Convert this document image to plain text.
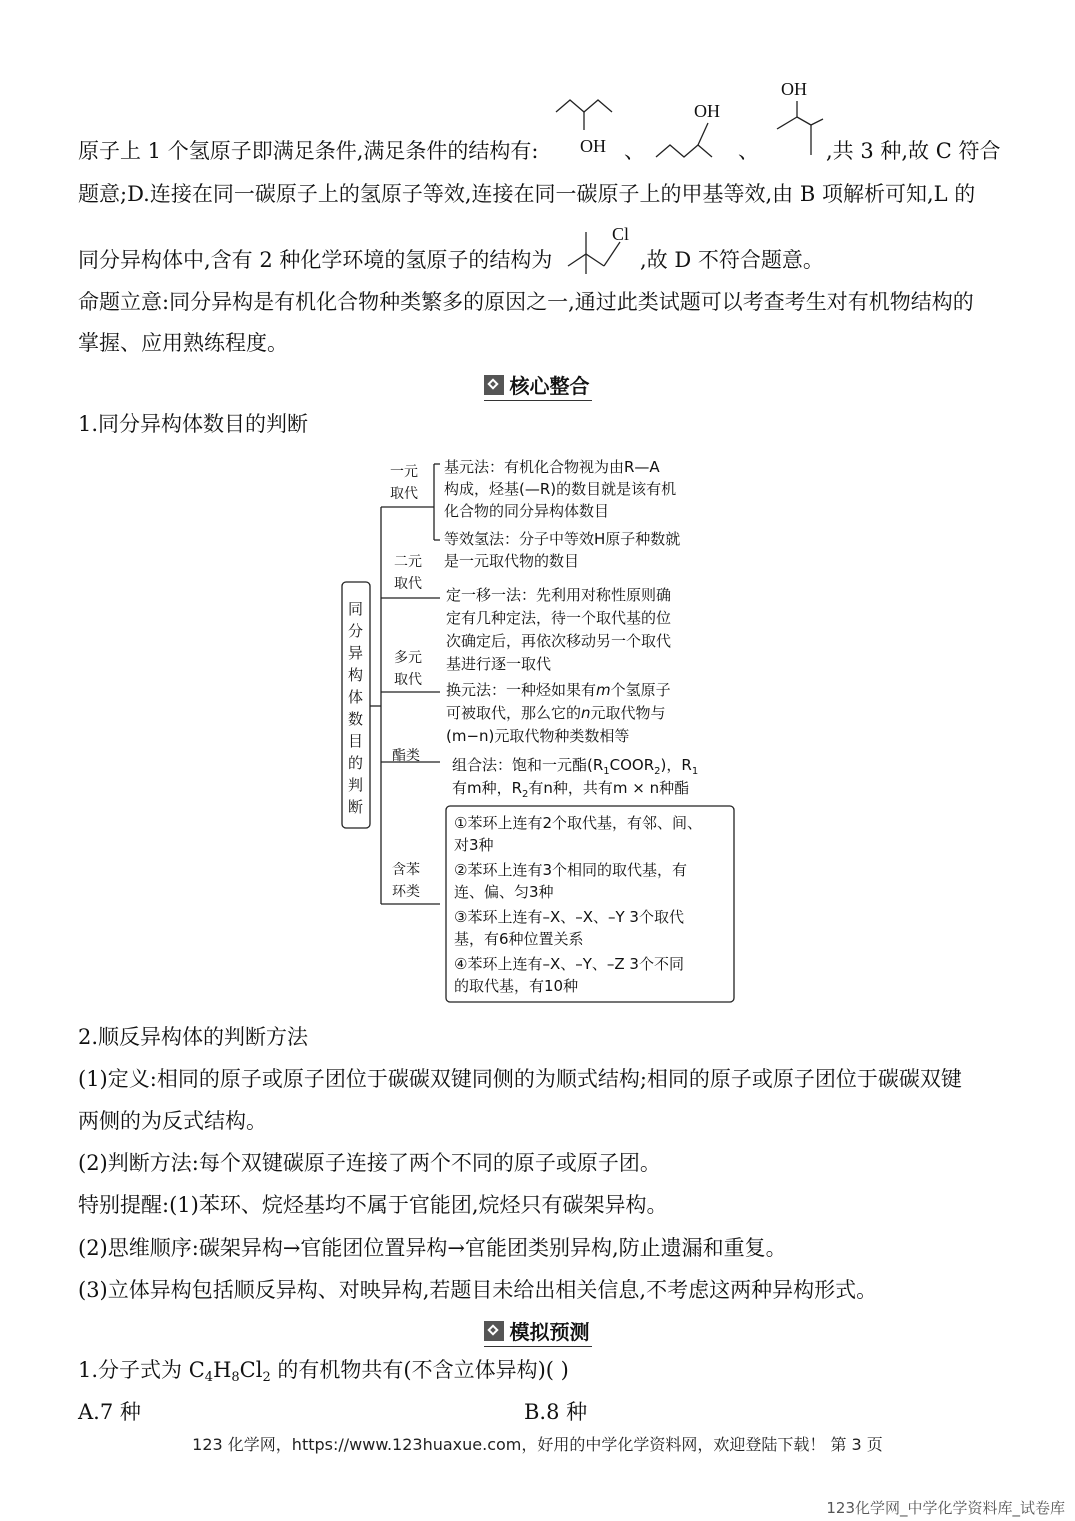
原子上 1 个氢原子即满足条件,满足条件的结构有:	、	、	,共 3 种,故 C 符合
OH
OH
OH
题意;D.连接在同一碳原子上的氢原子等效,连接在同一碳原子上的甲基等效,由 B 项解析可知,L 的
同分异构体中,含有 2 种化学环境的氢原子的结构为
Cl
,故 D 不符合题意。
命题立意:同分异构是有机化合物种类繁多的原因之一,通过此类试题可以考查考生对有机物结构的
掌握、应用熟练程度。
核心整合
1.同分异构体数目的判断
同
分
异
构
体
数
目
的
判
断
一元
取代
二元
取代
多元
取代
酯类
含苯
环类
基元法：有机化合物视为由R—A
构成，烃基(—R)的数目就是该有机
化合物的同分异构体数目
等效氢法：分子中等效H原子种数就
是一元取代物的数目
定一移一法：先利用对称性原则确
定有几种定法，待一个取代基的位
次确定后，再依次移动另一个取代
基进行逐一取代
换元法：一种烃如果有m个氢原子
可被取代，那么它的n元取代物与
(m−n)元取代物种类数相等
组合法：饱和一元酯$(R_1COOR_2)$，$R_1$
有m种，$R_2$有n种，共有m × n种酯
①苯环上连有2个取代基，有邻、间、
对3种
②苯环上连有3个相同的取代基，有
连、偏、匀3种
③苯环上连有–X、–X、–Y 3个取代
基，有6种位置关系
④苯环上连有–X、–Y、–Z 3个不同
的取代基，有10种
2.顺反异构体的判断方法
(1)定义:相同的原子或原子团位于碳碳双键同侧的为顺式结构;相同的原子或原子团位于碳碳双键
两侧的为反式结构。
(2)判断方法:每个双键碳原子连接了两个不同的原子或原子团。
特别提醒:(1)苯环、烷烃基均不属于官能团,烷烃只有碳架异构。
(2)思维顺序:碳架异构→官能团位置异构→官能团类别异构,防止遗漏和重复。
(3)立体异构包括顺反异构、对映异构,若题目未给出相关信息,不考虑这两种异构形式。
模拟预测
1.分子式为 $C_4H_8Cl_2$ 的有机物共有(不含立体异构)( )
A.7 种	B.8 种
123 化学网，https://www.123huaxue.com，好用的中学化学资料网，欢迎登陆下载！ 第 3 页
123化学网_中学化学资料库_试卷库
